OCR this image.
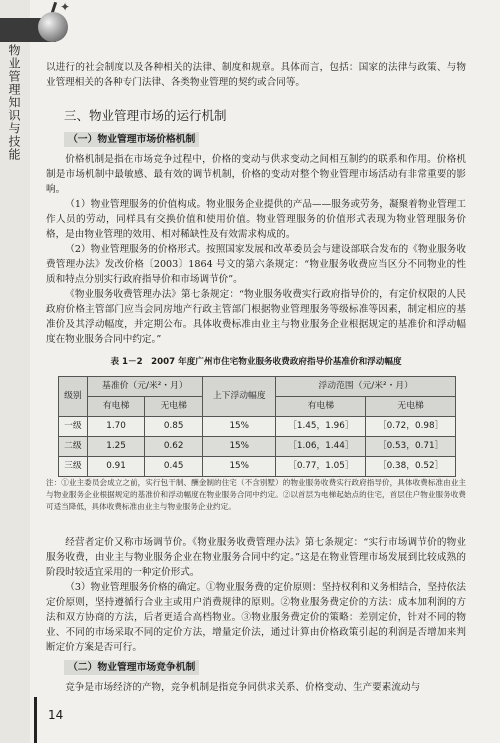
✦
物业管理知识与技能	以进行的社会制度以及各种相关的法律、制度和规章。具体而言，包括：国家的法律与政策、与物业管理相关的各种专门法律、各类物业管理的契约或合同等。

三、物业管理市场的运行机制
（一）物业管理市场价格机制

价格机制是指在市场竞争过程中，价格的变动与供求变动之间相互制约的联系和作用。价格机制是市场机制中最敏感、最有效的调节机制，价格的变动对整个物业管理市场活动有非常重要的影响。

（1）物业管理服务的价值构成。物业服务企业提供的产品——服务或劳务，凝聚着物业管理工作人员的劳动，同样具有交换价值和使用价值。物业管理服务的价值形式表现为物业管理服务价格，是由物业管理的效用、相对稀缺性及有效需求构成的。

（2）物业管理服务的价格形式。按照国家发展和改革委员会与建设部联合发布的《物业服务收费管理办法》发改价格〔2003〕1864 号文的第六条规定：“物业服务收费应当区分不同物业的性质和特点分别实行政府指导价和市场调节价”。

《物业服务收费管理办法》第七条规定：“物业服务收费实行政府指导价的，有定价权限的人民政府价格主管部门应当会同房地产行政主管部门根据物业管理服务等级标准等因素，制定相应的基准价及其浮动幅度，并定期公布。具体收费标准由业主与物业服务企业根据规定的基准价和浮动幅度在物业服务合同中约定。”

表 1－2　2007 年度广州市住宅物业服务收费政府指导价基准价和浮动幅度
级别	基准价（元/米²・月）		上下浮动幅度	浮动范围（元/米²・月）	
	有电梯	无电梯		有电梯	无电梯
一级	1.70	0.85	15%	［1.45，1.96］	［0.72，0.98］
二级	1.25	0.62	15%	［1.06，1.44］	［0.53，0.71］
三级	0.91	0.45	15%	［0.77，1.05］	［0.38，0.52］

注：①业主委员会成立之前，实行包干制、酬金制的住宅（不含别墅）的物业服务收费实行政府指导价，具体收费标准由业主与物业服务企业根据规定的基准价和浮动幅度在物业服务合同中约定。②以首层为电梯起始点的住宅，首层住户物业服务收费可适当降低，具体收费标准由业主与物业服务企业约定。

经营者定价又称市场调节价。《物业服务收费管理办法》第七条规定：“实行市场调节价的物业服务收费，由业主与物业服务企业在物业服务合同中约定。”这是在物业管理市场发展到比较成熟的阶段时较适宜采用的一种定价形式。

（3）物业管理服务价格的确定。①物业服务费的定价原则：坚持权利和义务相结合，坚持依法定价原则，坚持遵循行合业主或用户消费规律的原则。②物业服务费定价的方法：成本加利润的方法和双方协商的方法，后者更适合高档物业。③物业服务费定价的策略：差别定价，针对不同的物业、不同的市场采取不同的定价方法，增量定价法，通过计算由价格政策引起的利润是否增加来判断定价方案是否可行。

（二）物业管理市场竞争机制

竞争是市场经济的产物，竞争机制是指竞争同供求关系、价格变动、生产要素流动与

14
